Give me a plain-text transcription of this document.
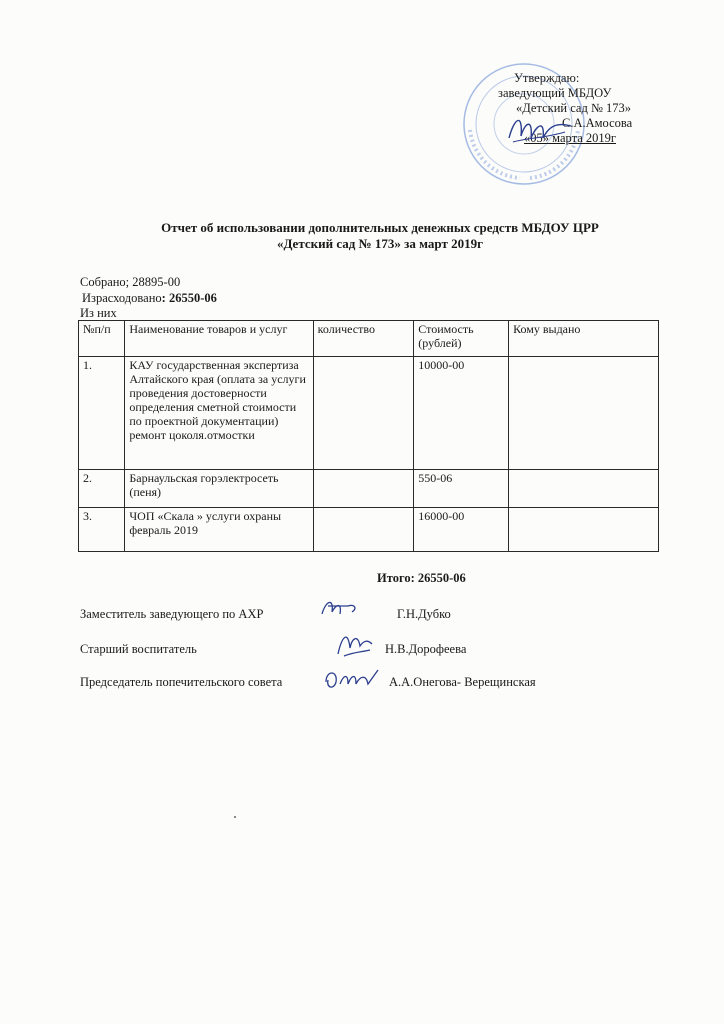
Утверждаю:
заведующий МБДОУ
«Детский сад № 173»
С.А.Амосова
«05» марта 2019г
Отчет об использовании дополнительных денежных средств МБДОУ ЦРР
«Детский сад № 173» за март 2019г
Собрано; 28895-00
Израсходовано: 26550-06
Из них
№п/п	Наименование товаров и услуг	количество	Стоимость (рублей)	Кому выдано
1.	КАУ государственная экспертиза Алтайского края (оплата за услуги проведения достоверности определения сметной стоимости по проектной документации) ремонт цоколя.отмостки		10000-00	
2.	Барнаульская горэлектросеть (пеня)		550-06	
3.	ЧОП «Скала » услуги охраны февраль 2019		16000-00	
Итого: 26550-06
Заместитель заведующего по АХР	Г.Н.Дубко
Старший воспитатель	Н.В.Дорофеева
Председатель попечительского совета	А.А.Онегова- Верещинская
